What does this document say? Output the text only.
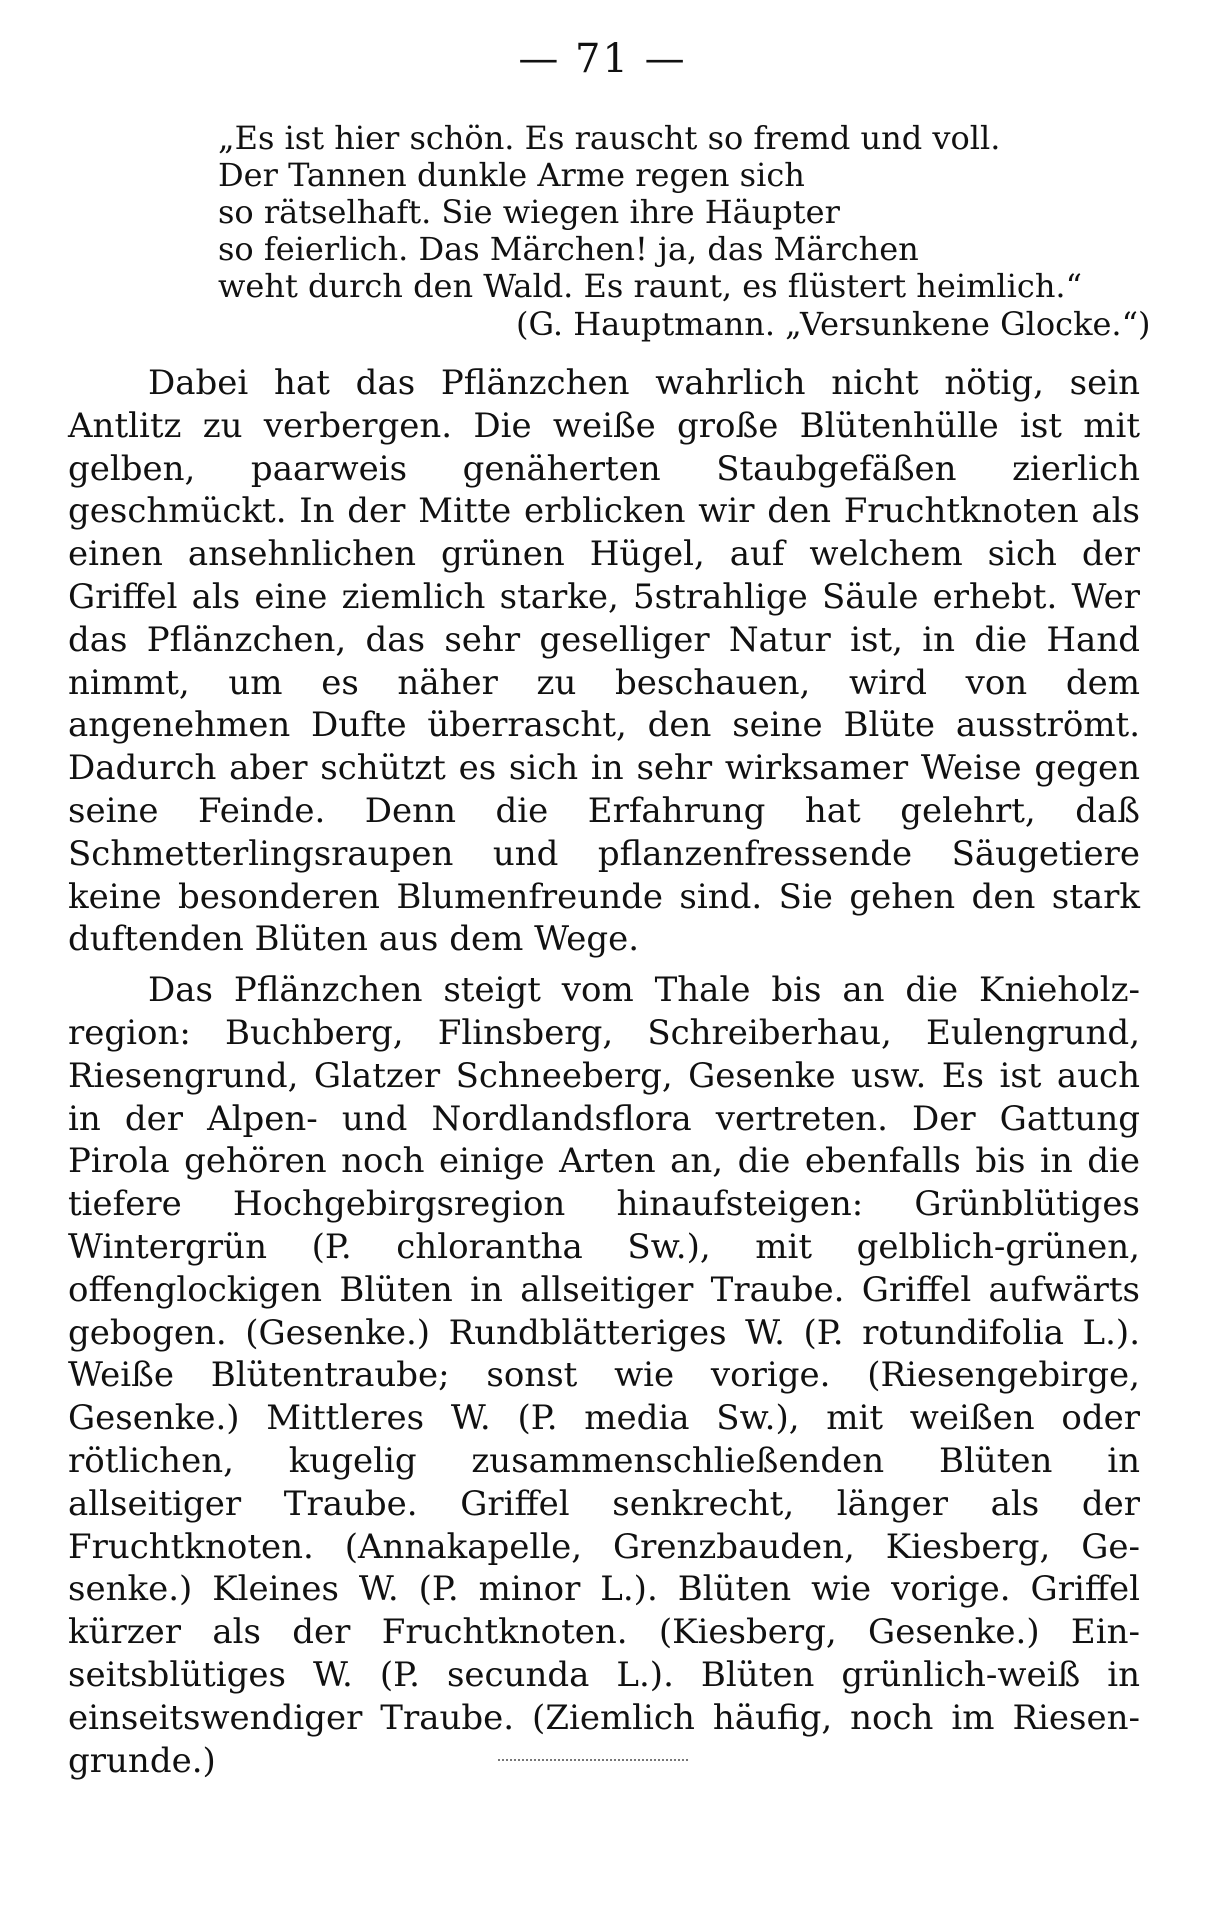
— 71 —
„Es ist hier schön. Es rauscht so fremd und voll.
Der Tannen dunkle Arme regen sich
so rätselhaft. Sie wiegen ihre Häupter
so feierlich. Das Märchen! ja, das Märchen
weht durch den Wald. Es raunt, es flüstert heimlich.“
(G. Hauptmann. „Versunkene Glocke.“)

Dabei hat das Pflänzchen wahrlich nicht nötig, sein Antlitz zu verbergen. Die weiße große Blütenhülle ist mit gelben, paarweis genäherten Staubgefäßen zierlich geschmückt. In der Mitte erblicken wir den Fruchtknoten als einen ansehnlichen grünen Hügel, auf welchem sich der Griffel als eine ziemlich starke, 5strahlige Säule erhebt. Wer das Pflänzchen, das sehr geselliger Natur ist, in die Hand nimmt, um es näher zu beschauen, wird von dem angenehmen Dufte überrascht, den seine Blüte ausströmt. Dadurch aber schützt es sich in sehr wirksamer Weise gegen seine Feinde. Denn die Erfahrung hat gelehrt, daß Schmetterlingsraupen und pflanzenfressende Säugetiere keine besonderen Blumenfreunde sind. Sie gehen den stark duftenden Blüten aus dem Wege.

Das Pflänzchen steigt vom Thale bis an die Knieholzregion: Buchberg, Flinsberg, Schreiberhau, Eulengrund, Riesengrund, Glatzer Schneeberg, Gesenke usw. Es ist auch in der Alpen- und Nordlandsflora vertreten. Der Gattung Pirola gehören noch einige Arten an, die ebenfalls bis in die tiefere Hochgebirgsregion hinaufsteigen: Grünblütiges Wintergrün (P. chlorantha Sw.), mit gelblich-grünen, offenglockigen Blüten in allseitiger Traube. Griffel aufwärts gebogen. (Gesenke.) Rundblätteriges W. (P. rotundifolia L.). Weiße Blütentraube; sonst wie vorige. (Riesengebirge, Gesenke.) Mittleres W. (P. media Sw.), mit weißen oder rötlichen, kugelig zusammenschließenden Blüten in allseitiger Traube. Griffel senkrecht, länger als der Fruchtknoten. (Annakapelle, Grenzbauden, Kiesberg, Gesenke.) Kleines W. (P. minor L.). Blüten wie vorige. Griffel kürzer als der Fruchtknoten. (Kiesberg, Gesenke.) Einseitsblütiges W. (P. secunda L.). Blüten grünlich-weiß in einseitswendiger Traube. (Ziemlich häufig, noch im Riesengrunde.)
